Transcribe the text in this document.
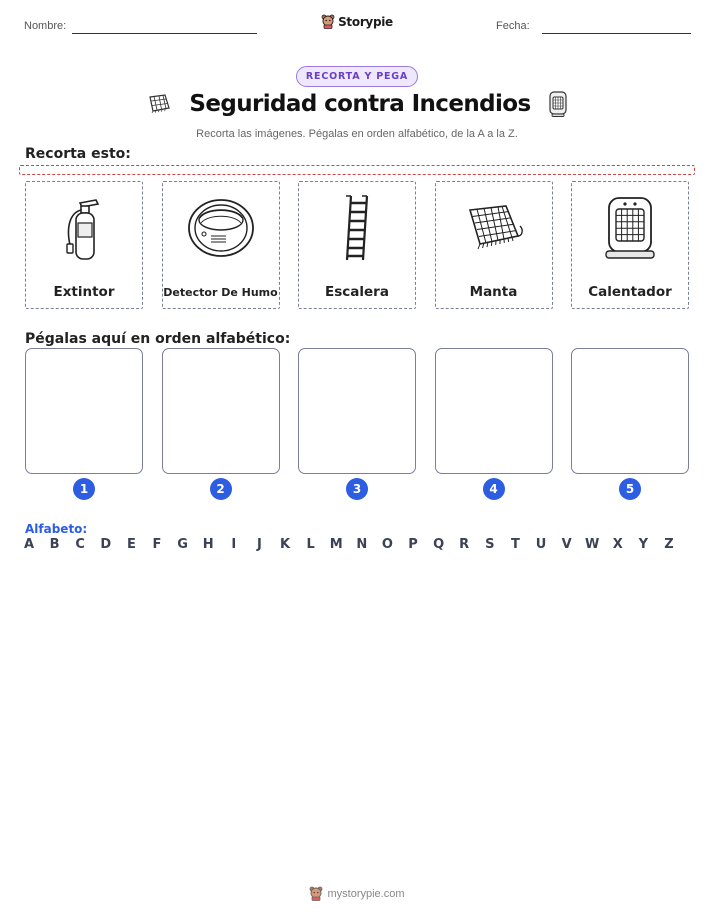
Nombre:	Fecha:
Storypie
RECORTA Y PEGA
Seguridad contra Incendios
Recorta las imágenes. Pégalas en orden alfabético, de la A a la Z.
Recorta esto:
Extintor	Detector De Humo	Escalera	Manta	Calentador
Pégalas aquí en orden alfabético:
1	2	3	4	5
Alfabeto:
A	B	C	D	E	F	G H	I	J	K	L	M N O	P	Q	R	S	T	U	V	W	X	Y	Z
mystorypie.com
